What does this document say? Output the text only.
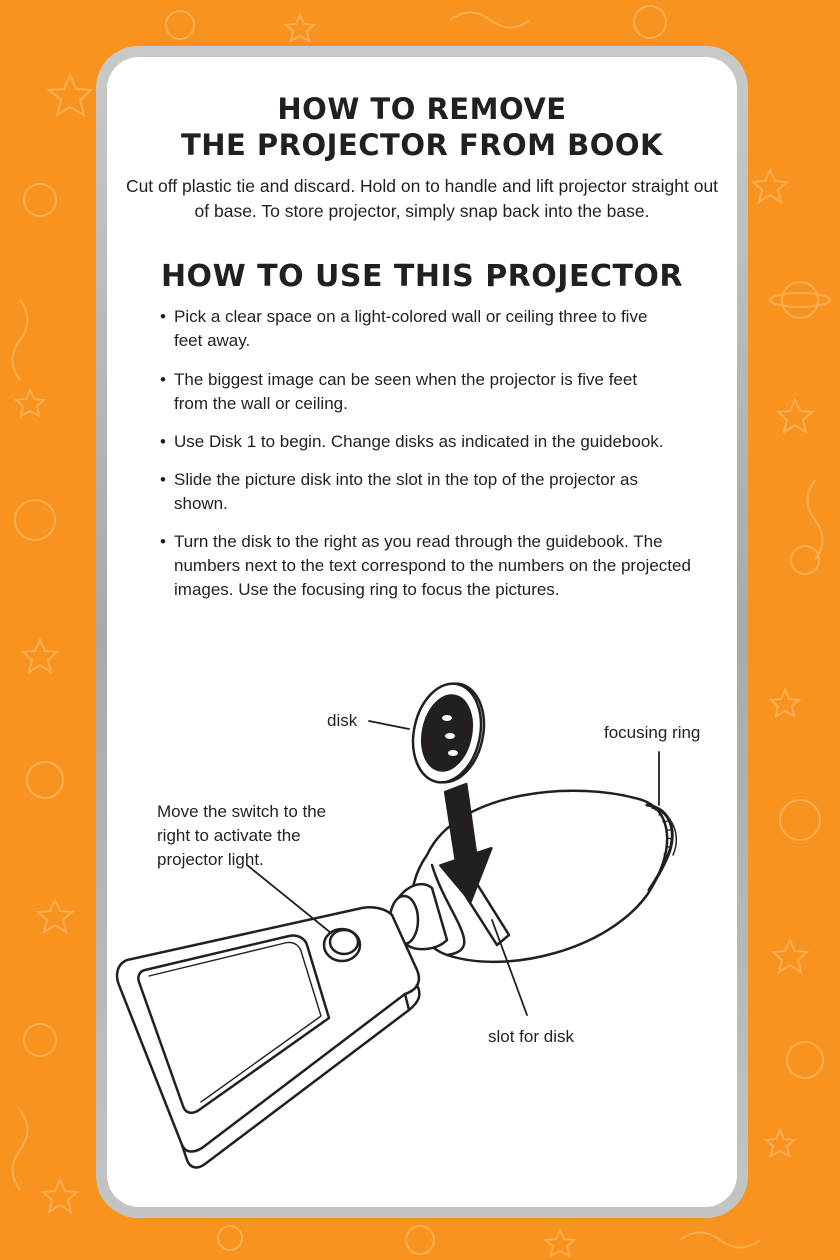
HOW TO REMOVE
THE PROJECTOR FROM BOOK

Cut off plastic tie and discard. Hold on to handle and lift projector straight out of base. To store projector, simply snap back into the base.

HOW TO USE THIS PROJECTOR
• Pick a clear space on a light-colored wall or ceiling three to five feet away.
• The biggest image can be seen when the projector is five feet from the wall or ceiling.
• Use Disk 1 to begin. Change disks as indicated in the guidebook.
• Slide the picture disk into the slot in the top of the projector as shown.
• Turn the disk to the right as you read through the guidebook. The numbers next to the text correspond to the numbers on the projected images. Use the focusing ring to focus the pictures.

disk

focusing ring

Move the switch to the right to activate the projector light.

slot for disk
